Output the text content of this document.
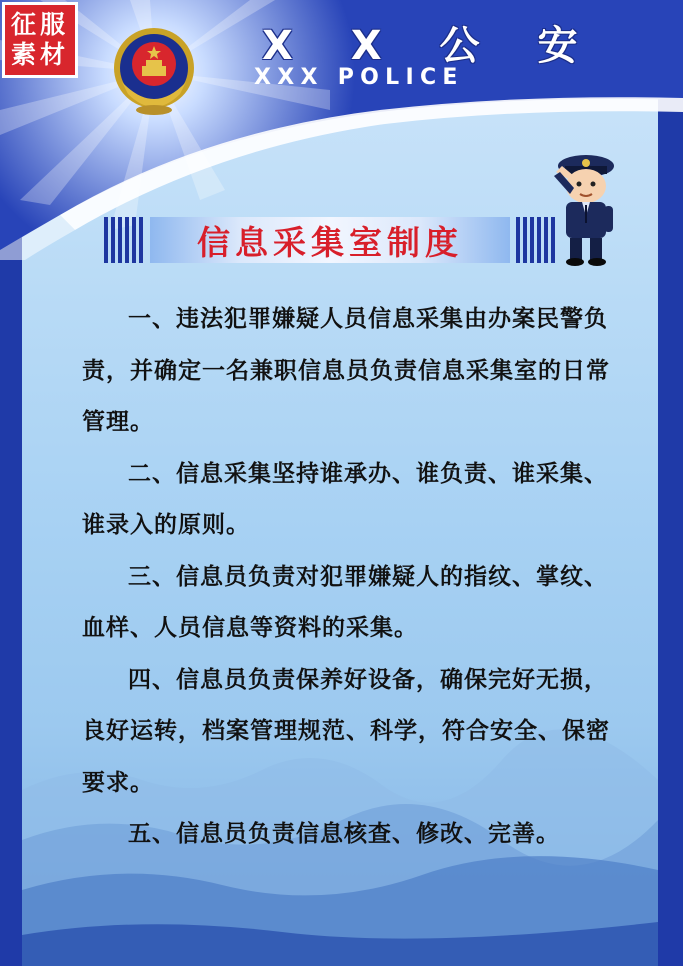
征服
素材	X X 公 安
XXX POLICE
信息采集室制度

一、违法犯罪嫌疑人员信息采集由办案民警负责，并确定一名兼职信息员负责信息采集室的日常管理。

二、信息采集坚持谁承办、谁负责、谁采集、谁录入的原则。

三、信息员负责对犯罪嫌疑人的指纹、掌纹、血样、人员信息等资料的采集。

四、信息员负责保养好设备，确保完好无损，良好运转，档案管理规范、科学，符合安全、保密要求。

五、信息员负责信息核查、修改、完善。
